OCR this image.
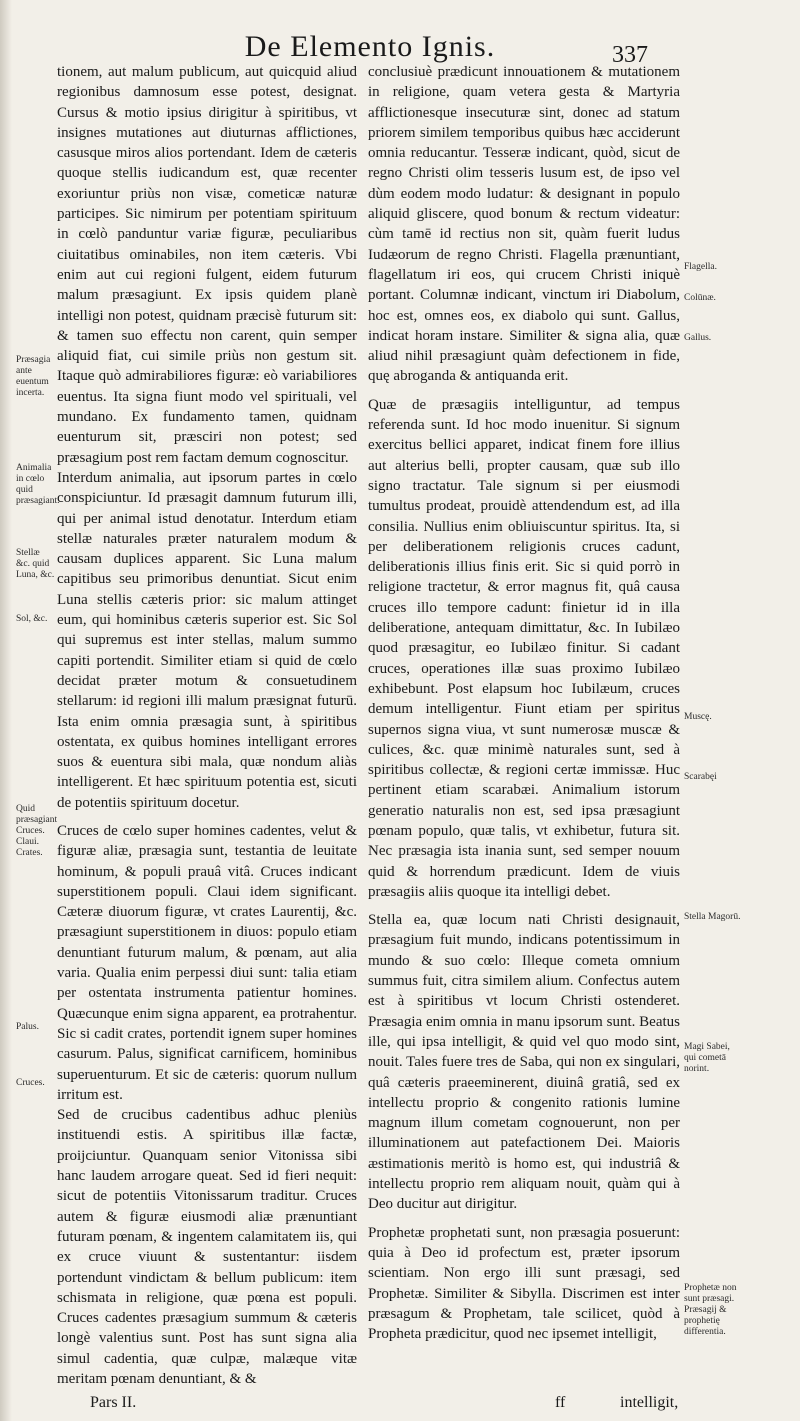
De Elemento Ignis.	337

tionem, aut malum publicum, aut quicquid aliud regionibus damnosum esse potest, designat. Cursus & motio ipsius dirigitur à spiritibus, vt insignes mutationes aut diuturnas afflictiones, casusque miros alios portendant. Idem de cæteris quoque stellis iudicandum est, quæ recenter exoriuntur priùs non visæ, cometicæ naturæ participes. Sic nimirum per potentiam spirituum in cœlò panduntur variæ figuræ, peculiaribus ciuitatibus ominabiles, non item cæteris. Vbi enim aut cui regioni fulgent, eidem futurum malum præsagiunt. Ex ipsis quidem planè intelligi non potest, quidnam præcisè futurum sit: & tamen suo effectu non carent, quin semper aliquid fiat, cui simile priùs non gestum sit. Itaque quò admirabiliores figuræ: eò variabiliores euentus. Ita signa fiunt modo vel spirituali, vel mundano. Ex fundamento tamen, quidnam euenturum sit, præsciri non potest; sed præsagium post rem factam demum cognoscitur.

Interdum animalia, aut ipsorum partes in cœlo conspiciuntur. Id præsagit damnum futurum illi, qui per animal istud denotatur. Interdum etiam stellæ naturales præter naturalem modum & causam duplices apparent. Sic Luna malum capitibus seu primoribus denuntiat. Sicut enim Luna stellis cæteris prior: sic malum attinget eum, qui hominibus cæteris superior est. Sic Sol qui supremus est inter stellas, malum summo capiti portendit. Similiter etiam si quid de cœlo decidat præter motum & consuetudinem stellarum: id regioni illi malum præsignat futurū. Ista enim omnia præsagia sunt, à spiritibus ostentata, ex quibus homines intelligant errores suos & euentura sibi mala, quæ nondum aliàs intelligerent. Et hæc spirituum potentia est, sicuti de potentiis spirituum docetur.

Cruces de cœlo super homines cadentes, velut & figuræ aliæ, præsagia sunt, testantia de leuitate hominum, & populi prauâ vitâ. Cruces indicant superstitionem populi. Claui idem significant. Cæteræ diuorum figuræ, vt crates Laurentij, &c. præsagiunt superstitionem in diuos: populo etiam denuntiant futurum malum, & pœnam, aut alia varia. Qualia enim perpessi diui sunt: talia etiam per ostentata instrumenta patientur homines. Quæcunque enim signa apparent, ea protrahentur. Sic si cadit crates, portendit ignem super homines casurum. Palus, significat carnificem, hominibus superuenturum. Et sic de cæteris: quorum nullum irritum est.

Sed de crucibus cadentibus adhuc pleniùs instituendi estis. A spiritibus illæ factæ, proijciuntur. Quanquam senior Vitonissa sibi hanc laudem arrogare queat. Sed id fieri nequit: sicut de potentiis Vitonissarum traditur. Cruces autem & figuræ eiusmodi aliæ prænuntiant futuram pœnam, & ingentem calamitatem iis, qui ex cruce viuunt & sustentantur: iisdem portendunt vindictam & bellum publicum: item schismata in religione, quæ pœna est populi. Cruces cadentes præsagium summum & cæteris longè valentius sunt. Post has sunt signa alia simul cadentia, quæ culpæ, malæque vitæ meritam pœnam denuntiant, & &

conclusiuè prædicunt innouationem & mutationem in religione, quam vetera gesta & Martyria afflictionesque insecuturæ sint, donec ad statum priorem similem temporibus quibus hæc acciderunt omnia reducantur. Tesseræ indicant, quòd, sicut de regno Christi olim tesseris lusum est, de ipso vel dùm eodem modo ludatur: & designant in populo aliquid gliscere, quod bonum & rectum videatur: cùm tamē id rectius non sit, quàm fuerit ludus Iudæorum de regno Christi. Flagella prænuntiant, flagellatum iri eos, qui crucem Christi iniquè portant. Columnæ indicant, vinctum iri Diabolum, hoc est, omnes eos, ex diabolo qui sunt. Gallus, indicat horam instare. Similiter & signa alia, quæ aliud nihil præsagiunt quàm defectionem in fide, quę abroganda & antiquanda erit.

Quæ de præsagiis intelliguntur, ad tempus referenda sunt. Id hoc modo inuenitur. Si signum exercitus bellici apparet, indicat finem fore illius aut alterius belli, propter causam, quæ sub illo signo tractatur. Tale signum si per eiusmodi tumultus prodeat, prouidè attendendum est, ad illa consilia. Nullius enim obliuiscuntur spiritus. Ita, si per deliberationem religionis cruces cadunt, deliberationis illius finis erit. Sic si quid porrò in religione tractetur, & error magnus fit, quâ causa cruces illo tempore cadunt: finietur id in illa deliberatione, antequam dimittatur, &c. In Iubilæo quod præsagitur, eo Iubilæo finitur. Si cadant cruces, operationes illæ suas proximo Iubilæo exhibebunt. Post elapsum hoc Iubilæum, cruces demum intelligentur. Fiunt etiam per spiritus supernos signa viua, vt sunt numerosæ muscæ & culices, &c. quæ minimè naturales sunt, sed à spiritibus collectæ, & regioni certæ immissæ. Huc pertinent etiam scarabæi. Animalium istorum generatio naturalis non est, sed ipsa præsagiunt pœnam populo, quæ talis, vt exhibetur, futura sit. Nec præsagia ista inania sunt, sed semper nouum quid & horrendum prædicunt. Idem de viuis præsagiis aliis quoque ita intelligi debet.

Stella ea, quæ locum nati Christi designauit, præsagium fuit mundo, indicans potentissimum in mundo & suo cœlo: Illeque cometa omnium summus fuit, citra similem alium. Confectus autem est à spiritibus vt locum Christi ostenderet. Præsagia enim omnia in manu ipsorum sunt. Beatus ille, qui ipsa intelligit, & quid vel quo modo sint, nouit. Tales fuere tres de Saba, qui non ex singulari, quâ cæteris praeeminerent, diuinâ gratiâ, sed ex intellectu proprio & congenito rationis lumine magnum illum cometam cognouerunt, non per illuminationem aut patefactionem Dei. Maioris æstimationis meritò is homo est, qui industriâ & intellectu proprio rem aliquam nouit, quàm qui à Deo ducitur aut dirigitur.

Prophetæ prophetati sunt, non præsagia posuerunt: quia à Deo id profectum est, præter ipsorum scientiam. Non ergo illi sunt præsagi, sed Prophetæ. Similiter & Sibylla. Discrimen est inter præsagum & Prophetam, tale scilicet, quòd à Propheta prædicitur, quod nec ipsemet intelligit,

Præsagia ante euentum incerta.
Animalia in cœlo quid præsagiant.
Stellæ &c. quid Luna, &c.
Sol, &c.
Quid præsagiant Cruces. Claui. Crates.
Palus.
Cruces.
Flagella.
Colūnæ.
Gallus.
Muscę.
Scarabęi
Stella Magorū.
Magi Sabei, qui cometā norint.
Prophetæ non sunt præsagi. Præsagij & prophetię differentia.
Pars II.	ff	intelligit,
